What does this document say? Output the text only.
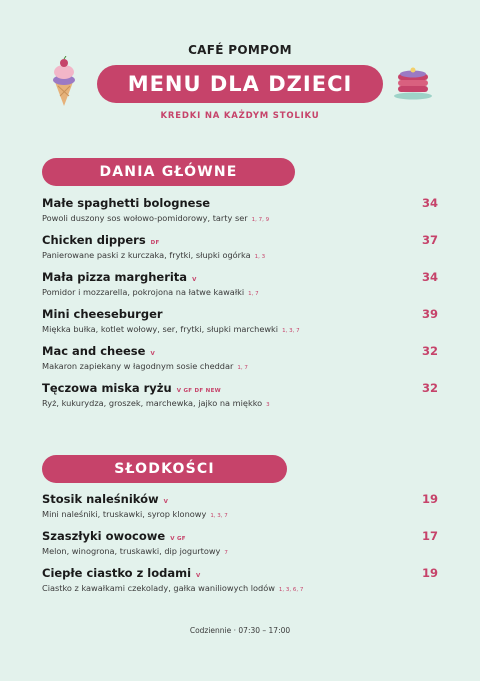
CAFÉ POMPOM
MENU DLA DZIECI
KREDKI NA KAŻDYM STOLIKU
DANIA GŁÓWNE
Małe spaghetti bolognese	34
Powoli duszony sos wołowo-pomidorowy, tarty ser 1, 7, 9
Chicken dippers DF	37
Panierowane paski z kurczaka, frytki, słupki ogórka 1, 3
Mała pizza margherita V	34
Pomidor i mozzarella, pokrojona na łatwe kawałki 1, 7
Mini cheeseburger	39
Miękka bułka, kotlet wołowy, ser, frytki, słupki marchewki 1, 3, 7
Mac and cheese V	32
Makaron zapiekany w łagodnym sosie cheddar 1, 7
Tęczowa miska ryżu V GF DF NEW	32
Ryż, kukurydza, groszek, marchewka, jajko na miękko 3
SŁODKOŚCI
Stosik naleśników V	19
Mini naleśniki, truskawki, syrop klonowy 1, 3, 7
Szaszłyki owocowe V GF	17
Melon, winogrona, truskawki, dip jogurtowy 7
Ciepłe ciastko z lodami V	19
Ciastko z kawałkami czekolady, gałka waniliowych lodów 1, 3, 6, 7
Codziennie · 07:30 – 17:00
